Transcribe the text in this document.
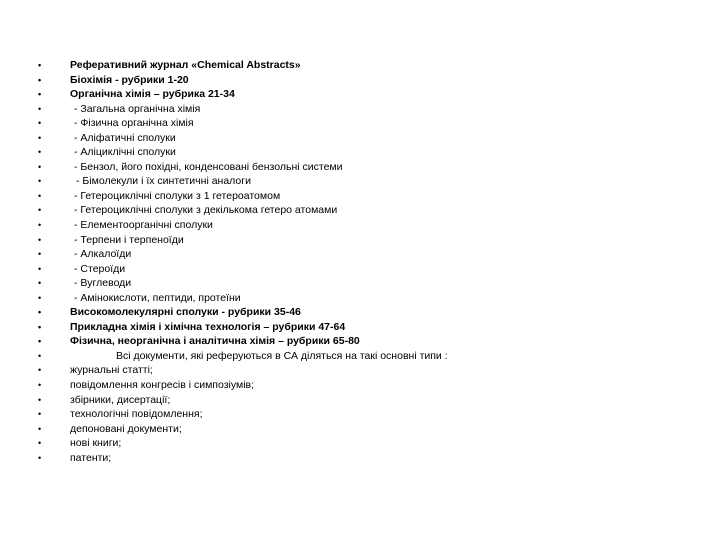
•	Реферативний журнал «Chemical Abstracts»
•	Біохімія - рубрики 1-20
•	Органічна хімія – рубрика 21-34
•	- Загальна органічна хімія
•	- Фізична органічна хімія
•	- Аліфатичні сполуки
•	- Аліциклічні сполуки
•	- Бензол, його похідні, конденсовані бензольні системи
•	- Бімолекули і їх синтетичні аналоги
•	- Гетероциклічні сполуки з 1 гетероатомом
•	- Гетероциклічні сполуки з декількома гетеро атомами
•	- Елементоорганічні сполуки
•	- Терпени і терпеноїди
•	- Алкалоїди
•	- Стероїди
•	- Вуглеводи
•	- Амінокислоти, пептиди, протеїни
•	Високомолекулярні сполуки - рубрики 35-46
•	Прикладна хімія і хімічна технологія – рубрики 47-64
•	Фізична, неорганічна і аналітична хімія – рубрики 65-80
•	Всі документи, які реферуються в СА діляться на такі основні типи :
•	журнальні статті;
•	повідомлення конгресів і симпозіумів;
•	збірники, дисертації;
•	технологічні повідомлення;
•	депоновані документи;
•	нові книги;
•	патенти;
